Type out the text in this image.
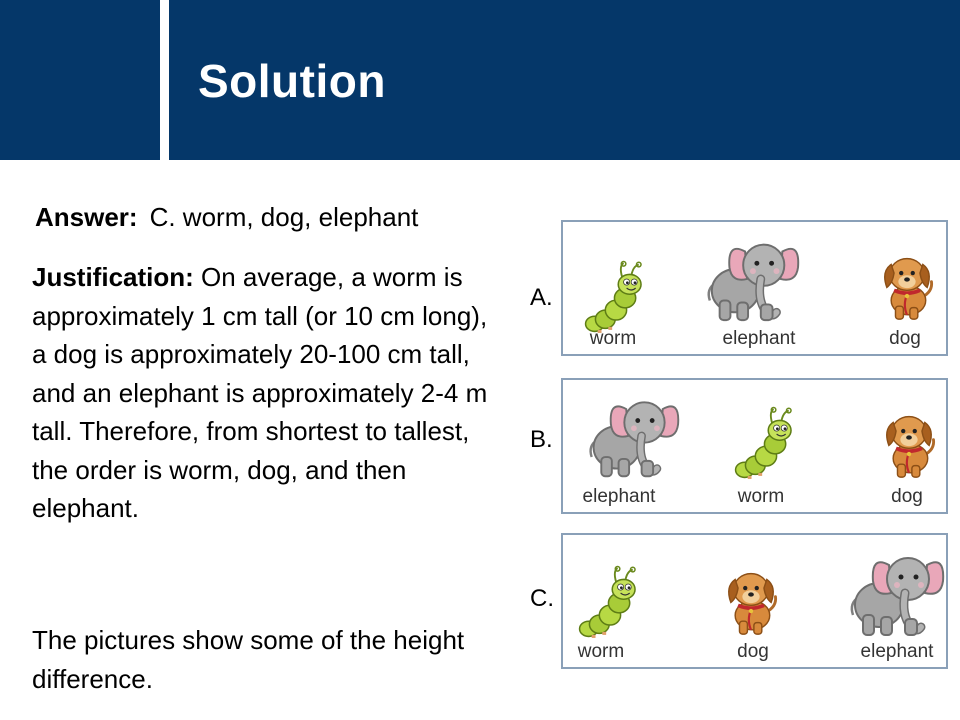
Solution
Answer: C. worm, dog, elephant

Justification: On average, a worm is approximately 1 cm tall (or 10 cm long), a dog is approximately 20-100 cm tall, and an elephant is approximately 2-4 m tall. Therefore, from shortest to tallest, the order is worm, dog, and then elephant.

The pictures show some of the height difference.

A.
worm	elephant	dog
B.
elephant	worm	dog
C.
worm	dog	elephant
